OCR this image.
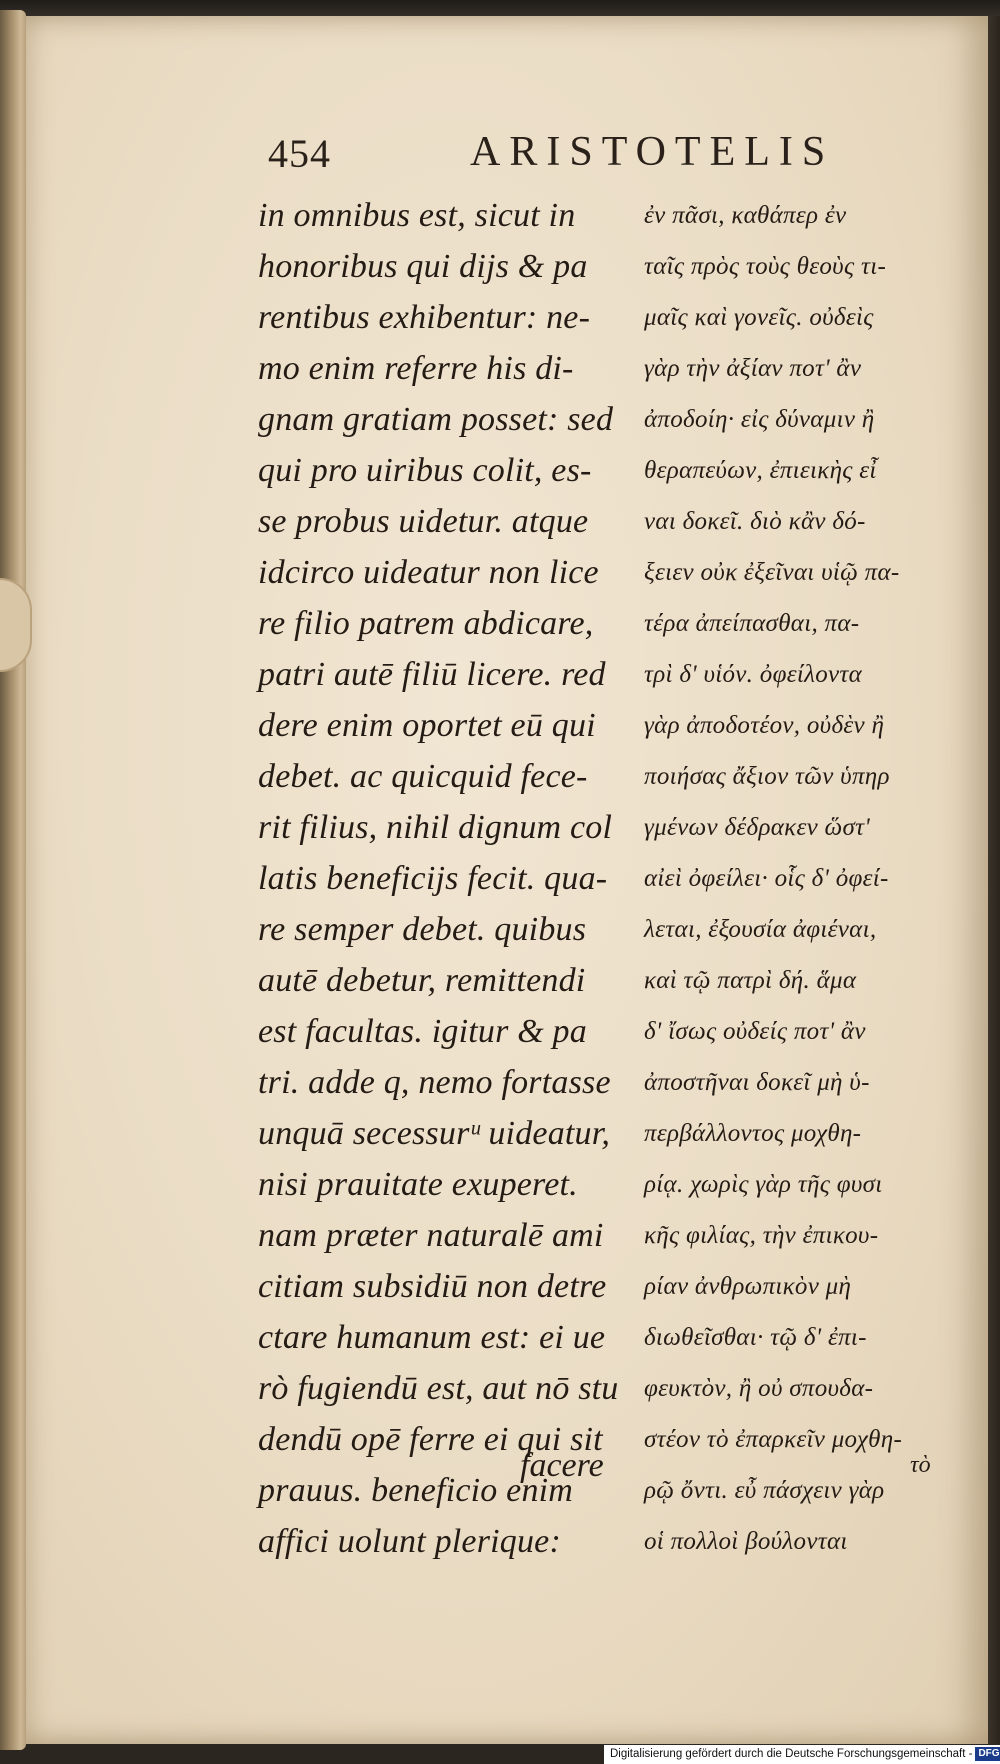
454	ARISTOTELIS
in omnibus est, sicut in
honoribus qui dijs & pa
rentibus exhibentur: ne-
mo enim referre his di-
gnam gratiam posset: sed
qui pro uiribus colit, es-
se probus uidetur. atque
idcirco uideatur non lice
re filio patrem abdicare,
patri autē filiū licere. red
dere enim oportet eū qui
debet. ac quicquid fece-
rit filius, nihil dignum col
latis beneficijs fecit. qua-
re semper debet. quibus
autē debetur, remittendi
est facultas. igitur & pa
tri. adde q, nemo fortasse
unquā secessurᵘ uideatur,
nisi prauitate exuperet.
nam præter naturalē ami
citiam subsidiū non detre
ctare humanum est: ei ue
rò fugiendū est, aut nō stu
dendū opē ferre ei qui sit
prauus. beneficio enim
affici uolunt plerique:
ἐν πᾶσι, καθάπερ ἐν
ταῖς πρὸς τοὺς θεοὺς τι-
μαῖς καὶ γονεῖς. οὐδεὶς
γὰρ τὴν ἀξίαν ποτ' ἂν
ἀποδοίη· εἰς δύναμιν ἢ
θεραπεύων, ἐπιεικὴς εἶ
ναι δοκεῖ. διὸ κἂν δό-
ξειεν οὐκ ἐξεῖναι υἱῷ πα-
τέρα ἀπείπασθαι, πα-
τρὶ δ' υἱόν. ὀφείλοντα
γὰρ ἀποδοτέον, οὐδὲν ἢ
ποιήσας ἄξιον τῶν ὑπηρ
γμένων δέδρακεν ὥστ'
αἰεὶ ὀφείλει· οἷς δ' ὀφεί-
λεται, ἐξουσία ἀφιέναι,
καὶ τῷ πατρὶ δή. ἅμα
δ' ἴσως οὐδείς ποτ' ἂν
ἀποστῆναι δοκεῖ μὴ ὑ-
περβάλλοντος μοχθη-
ρίᾳ. χωρὶς γὰρ τῆς φυσι
κῆς φιλίας, τὴν ἐπικου-
ρίαν ἀνθρωπικὸν μὴ
διωθεῖσθαι· τῷ δ' ἐπι-
φευκτὸν, ἢ οὐ σπουδα-
στέον τὸ ἐπαρκεῖν μοχθη-
ρῷ ὄντι. εὖ πάσχειν γὰρ
οἱ πολλοὶ βούλονται
facere	τὸ
Digitalisierung gefördert durch die Deutsche Forschungsgemeinschaft - DFG
